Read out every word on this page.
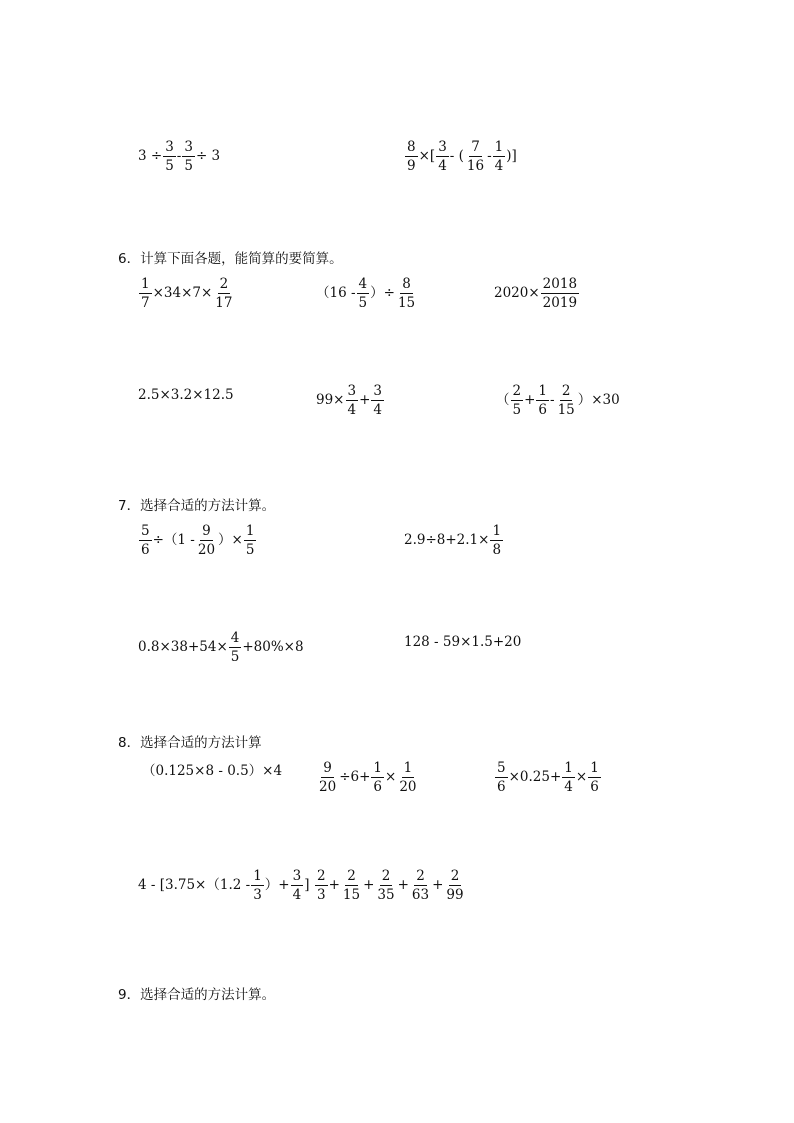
$3 \div \frac{3}{5} - \frac{3}{5} \div 3$	$\frac{8}{9}$ ×[ $\frac{3}{4}$ - ( $\frac{7}{16} - \frac{1}{4}$ )]
6．计算下面各题，能简算的要简算。
$\frac{1}{7} \times 34\times 7\times \frac{2}{17}$	（$16 - \frac{4}{5}$ ）÷ $\frac{8}{15}$	$2020\times \frac{2018}{2019}$
2.5×3.2×12.5	$99\times \frac{3}{4} + \frac{3}{4}$	（ $\frac{2}{5} + \frac{1}{6} - \frac{2}{15} )\times 30$
7．选择合适的方法计算。
$\frac{5}{6} \div(1 - \frac{9}{20}$ ）× $\frac{1}{5}$	$2.9\div 8+2.1\times \frac{1}{8}$
$0.8\times 38+54\times \frac{4}{5} +80\%\times 8$	128 - 59×1.5+20
8．选择合适的方法计算
（0.125×8 - 0.5）×4	$\frac{9}{20} \div 6+ \frac{1}{6} \times \frac{1}{20}$	$\frac{5}{6} \times 0.25+ \frac{1}{4} \times \frac{1}{6}$
$4 - [3.75\times(1.2 - \frac{1}{3}$ ）+ $\frac{3}{4}$ ] $\frac{2}{3} + \frac{2}{15} + \frac{2}{35} + \frac{2}{63} + \frac{2}{99}$
9．选择合适的方法计算。
